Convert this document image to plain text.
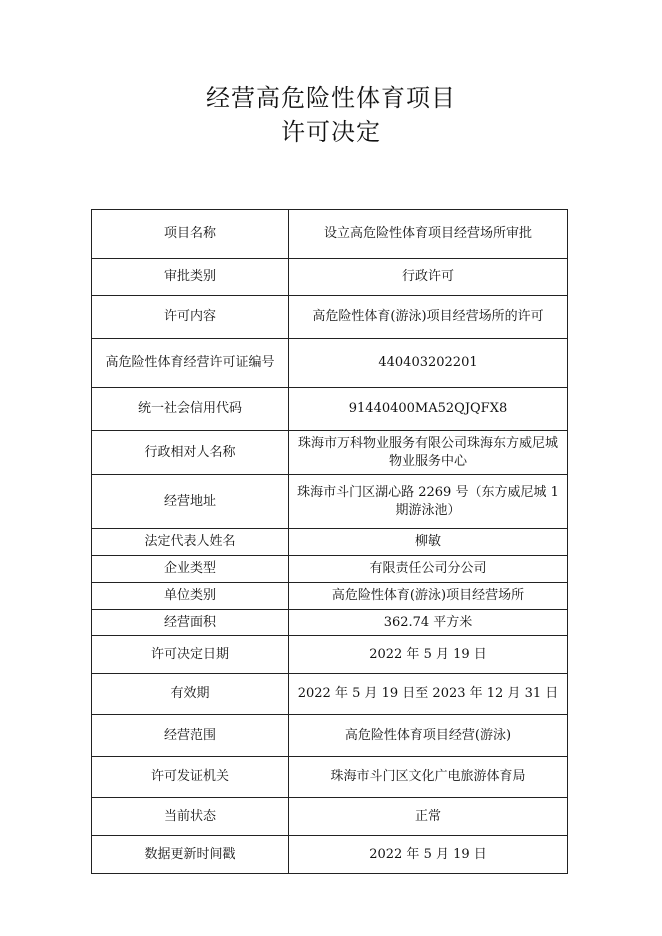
经营高危险性体育项目
许可决定
项目名称	设立高危险性体育项目经营场所审批
审批类别	行政许可
许可内容	高危险性体育(游泳)项目经营场所的许可
高危险性体育经营许可证编号	440403202201
统一社会信用代码	91440400MA52QJQFX8
行政相对人名称	珠海市万科物业服务有限公司珠海东方威尼城物业服务中心
经营地址	珠海市斗门区湖心路 2269 号（东方威尼城 1 期游泳池）
法定代表人姓名	柳敏
企业类型	有限责任公司分公司
单位类别	高危险性体育(游泳)项目经营场所
经营面积	362.74 平方米
许可决定日期	2022 年 5 月 19 日
有效期	2022 年 5 月 19 日至 2023 年 12 月 31 日
经营范围	高危险性体育项目经营(游泳)
许可发证机关	珠海市斗门区文化广电旅游体育局
当前状态	正常
数据更新时间戳	2022 年 5 月 19 日
